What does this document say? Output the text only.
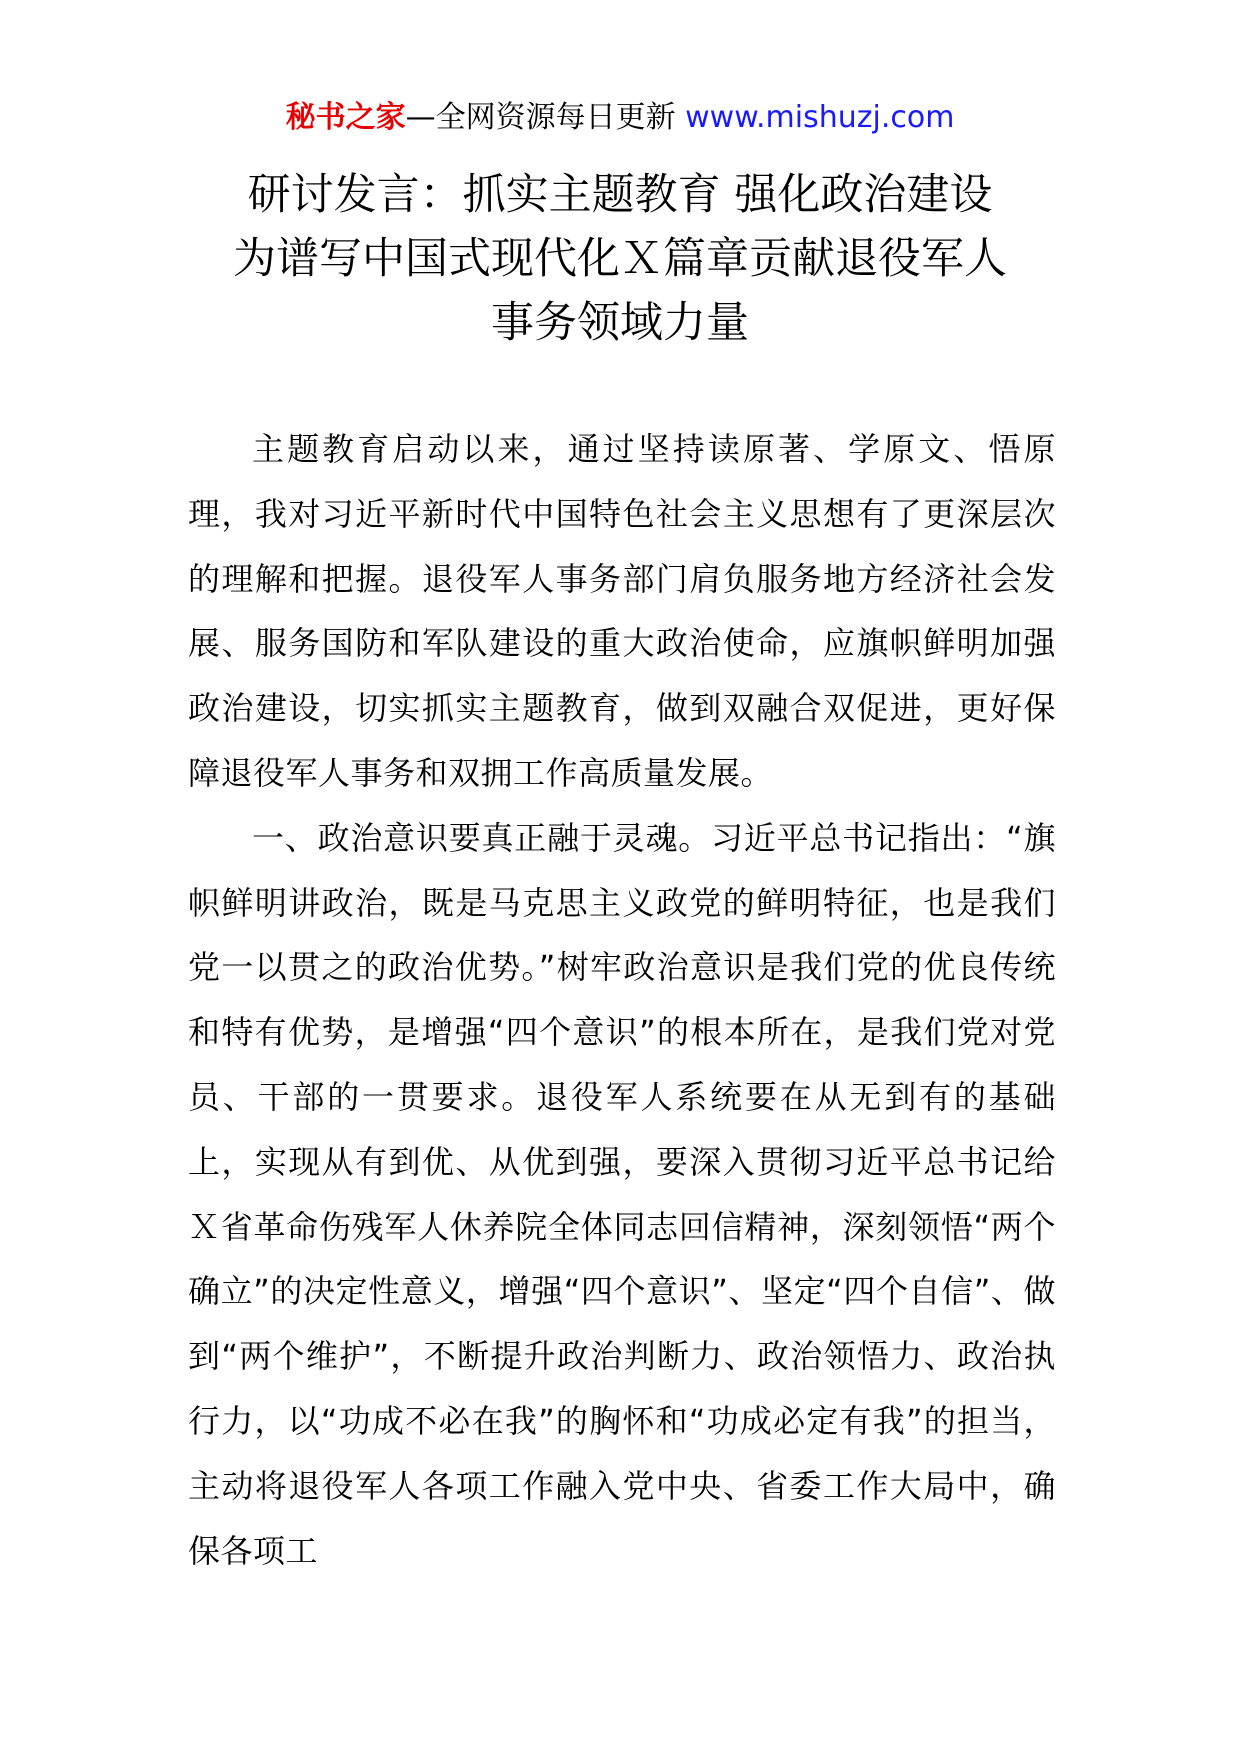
秘书之家—全网资源每日更新 www.mishuzj.com
研讨发言：抓实主题教育 强化政治建设
为谱写中国式现代化Ｘ篇章贡献退役军人
事务领域力量

主题教育启动以来，通过坚持读原著、学原文、悟原理，我对习近平新时代中国特色社会主义思想有了更深层次的理解和把握。退役军人事务部门肩负服务地方经济社会发展、服务国防和军队建设的重大政治使命，应旗帜鲜明加强政治建设，切实抓实主题教育，做到双融合双促进，更好保障退役军人事务和双拥工作高质量发展。

一、政治意识要真正融于灵魂。习近平总书记指出：“旗帜鲜明讲政治，既是马克思主义政党的鲜明特征，也是我们党一以贯之的政治优势。”树牢政治意识是我们党的优良传统和特有优势，是增强“四个意识”的根本所在，是我们党对党员、干部的一贯要求。退役军人系统要在从无到有的基础上，实现从有到优、从优到强，要深入贯彻习近平总书记给Ｘ省革命伤残军人休养院全体同志回信精神，深刻领悟“两个确立”的决定性意义，增强“四个意识”、坚定“四个自信”、做到“两个维护”，不断提升政治判断力、政治领悟力、政治执行力，以“功成不必在我”的胸怀和“功成必定有我”的担当，主动将退役军人各项工作融入党中央、省委工作大局中，确保各项工
